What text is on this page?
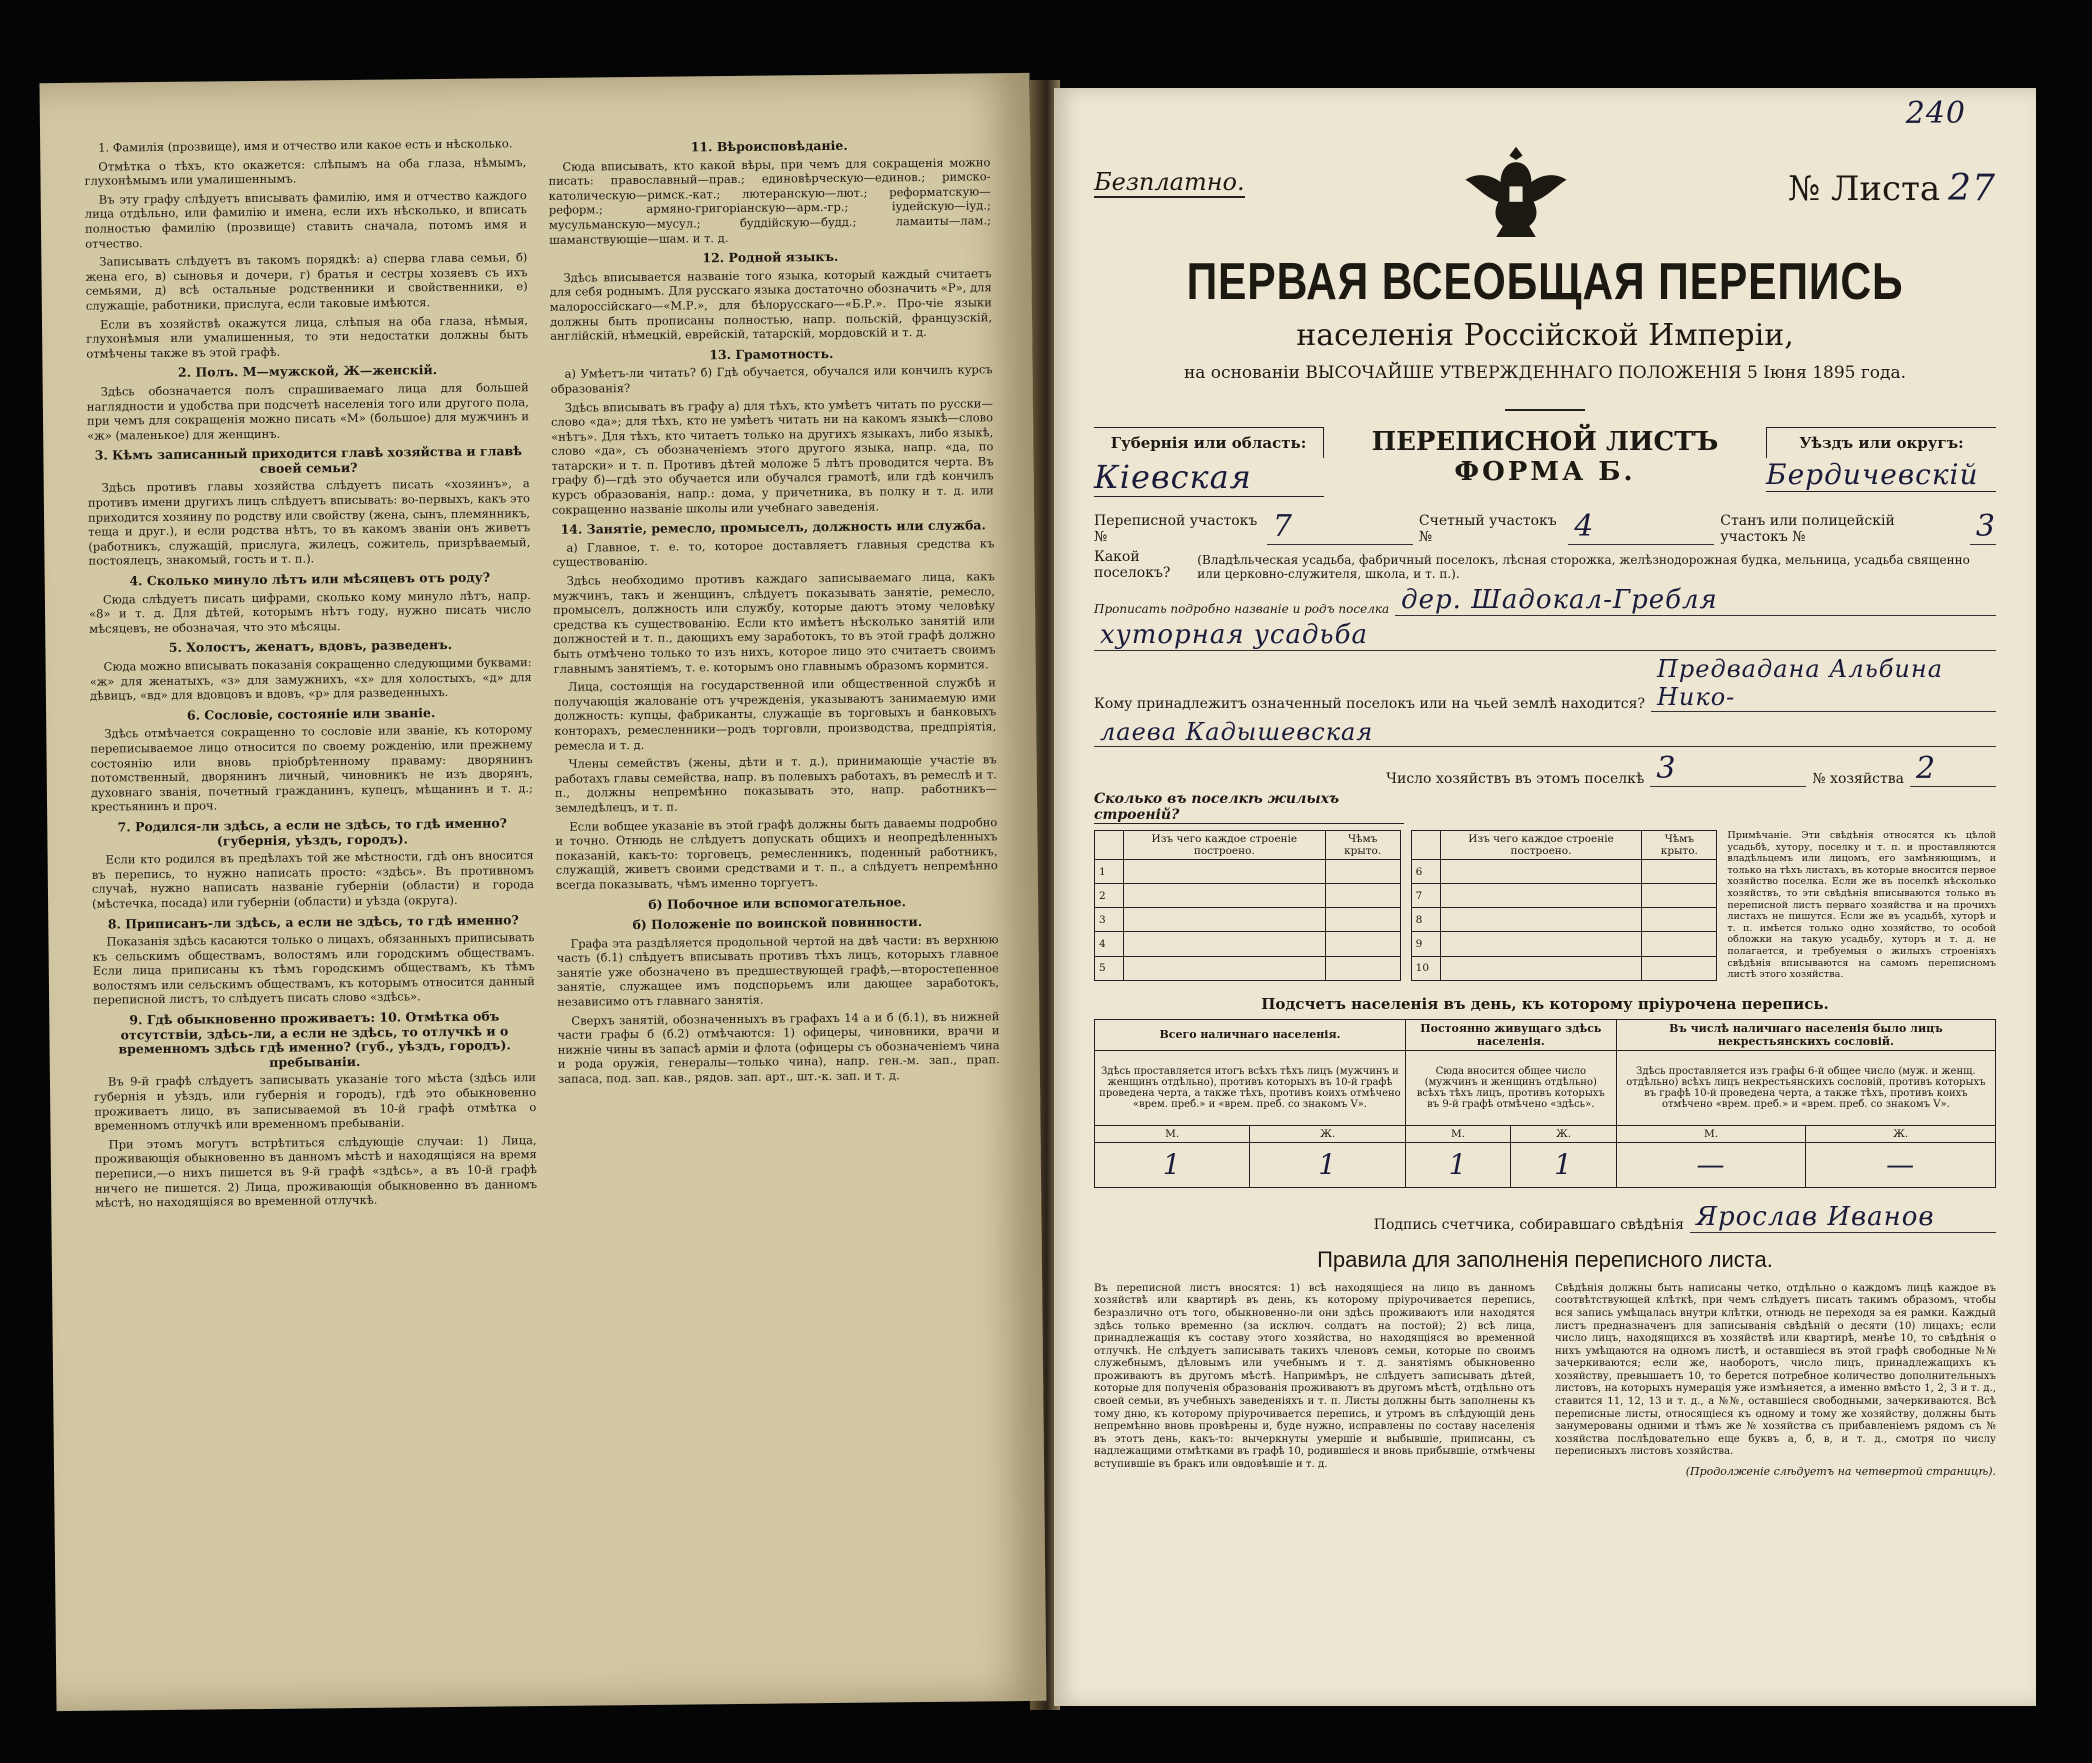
1. Фамилія (прозвище), имя и отчество или какое есть и нѣсколько.

Отмѣтка о тѣхъ, кто окажется: слѣпымъ на оба глаза, нѣмымъ, глухонѣмымъ или умалишеннымъ.

Въ эту графу слѣдуетъ вписывать фамилію, имя и отчество каждого лица отдѣльно, или фамилію и имена, если ихъ нѣсколько, и вписать полностью фамилію (прозвище) ставить сначала, потомъ имя и отчество.

Записывать слѣдуетъ въ такомъ порядкѣ: а) сперва глава семьи, б) жена его, в) сыновья и дочери, г) братья и сестры хозяевъ съ ихъ семьями, д) всѣ остальные родственники и свойственники, е) служащіе, работники, прислуга, если таковые имѣются.

Если въ хозяйствѣ окажутся лица, слѣпыя на оба глаза, нѣмыя, глухонѣмыя или умалишенныя, то эти недостатки должны быть отмѣчены также въ этой графѣ.

2. Полъ. М—мужской, Ж—женскій.

Здѣсь обозначается полъ спрашиваемаго лица для большей наглядности и удобства при подсчетѣ населенія того или другого пола, при чемъ для сокращенія можно писать «М» (большое) для мужчинъ и «ж» (маленькое) для женщинъ.

3. Кѣмъ записанный приходится главѣ хозяйства и главѣ своей семьи?

Здѣсь противъ главы хозяйства слѣдуетъ писать «хозяинъ», а противъ имени другихъ лицъ слѣдуетъ вписывать: во-первыхъ, какъ это приходится хозяину по родству или свойству (жена, сынъ, племянникъ, теща и друг.), и если родства нѣтъ, то въ какомъ званіи онъ живетъ (работникъ, служащій, прислуга, жилецъ, сожитель, призрѣваемый, постоялецъ, знакомый, гость и т. п.).

4. Сколько минуло лѣтъ или мѣсяцевъ отъ роду?

Сюда слѣдуетъ писать цифрами, сколько кому минуло лѣтъ, напр. «8» и т. д. Для дѣтей, которымъ нѣтъ году, нужно писать число мѣсяцевъ, не обозначая, что это мѣсяцы.

5. Холостъ, женатъ, вдовъ, разведенъ.

Сюда можно вписывать показанія сокращенно следующими буквами: «ж» для женатыхъ, «з» для замужнихъ, «х» для холостыхъ, «д» для дѣвицъ, «вд» для вдовцовъ и вдовъ, «р» для разведенныхъ.

6. Сословіе, состояніе или званіе.

Здѣсь отмѣчается сокращенно то сословіе или званіе, къ которому переписываемое лицо относится по своему рожденію, или прежнему состоянію или вновь пріобрѣтенному праваму: дворянинъ потомственный, дворянинъ личный, чиновникъ не изъ дворянъ, духовнаго званія, почетный гражданинъ, купецъ, мѣщанинъ и т. д.; крестьянинъ и проч.

7. Родился-ли здѣсь, а если не здѣсь, то гдѣ именно? (губернія, уѣздъ, городъ).

Если кто родился въ предѣлахъ той же мѣстности, гдѣ онъ вносится въ перепись, то нужно написать просто: «здѣсь». Въ противномъ случаѣ, нужно написать названіе губерніи (области) и города (мѣстечка, посада) или губерніи (области) и уѣзда (округа).

8. Приписанъ-ли здѣсь, а если не здѣсь, то гдѣ именно?

Показанія здѣсь касаются только о лицахъ, обязанныхъ приписывать къ сельскимъ обществамъ, волостямъ или городскимъ обществамъ. Если лица приписаны къ тѣмъ городскимъ обществамъ, къ тѣмъ волостямъ или сельскимъ обществамъ, къ которымъ относится данный переписной листъ, то слѣдуетъ писать слово «здѣсь».

9. Гдѣ обыкновенно проживаетъ: 10. Отмѣтка объ отсутствіи, здѣсь-ли, а если не здѣсь, то отлучкѣ и о временномъ здѣсь гдѣ именно? (губ., уѣздъ, городъ). пребываніи.

Въ 9-й графѣ слѣдуетъ записывать указаніе того мѣста (здѣсь или губернія и уѣздъ, или губернія и городъ), гдѣ это обыкновенно проживаетъ лицо, въ записываемой въ 10-й графѣ отмѣтка о временномъ отлучкѣ или временномъ пребываніи.

При этомъ могутъ встрѣтиться слѣдующіе случаи: 1) Лица, проживающія обыкновенно въ данномъ мѣстѣ и находящіяся на время переписи,—о нихъ пишется въ 9-й графѣ «здѣсь», а въ 10-й графѣ ничего не пишется. 2) Лица, проживающія обыкновенно въ данномъ мѣстѣ, но находящіяся во временной отлучкѣ.

11. Вѣроисповѣданіе.

Сюда вписывать, кто какой вѣры, при чемъ для сокращенія можно писать: православный—прав.; единовѣрческую—единов.; римско-католическую—римск.-кат.; лютеранскую—лют.; реформатскую—реформ.; армяно-григоріанскую—арм.-гр.; іудейскую—іуд.; мусульманскую—мусул.; буддійскую—будд.; ламаиты—лам.; шаманствующіе—шам. и т. д.

12. Родной языкъ.

Здѣсь вписывается названіе того языка, который каждый считаетъ для себя роднымъ. Для русскаго языка достаточно обозначить «Р», для малороссійскаго—«М.Р.», для бѣлорусскаго—«Б.Р.». Про-чіе языки должны быть прописаны полностью, напр. польскій, французскій, англійскій, нѣмецкій, еврейскій, татарскій, мордовскій и т. д.

13. Грамотность.

а) Умѣетъ-ли читать? б) Гдѣ обучается, обучался или кончилъ курсъ образованія?

Здѣсь вписывать въ графу а) для тѣхъ, кто умѣетъ читать по русски—слово «да»; для тѣхъ, кто не умѣетъ читать ни на какомъ языкѣ—слово «нѣтъ». Для тѣхъ, кто читаетъ только на другихъ языкахъ, либо языкѣ, слово «да», съ обозначеніемъ этого другого языка, напр. «да, по татарски» и т. п. Противъ дѣтей моложе 5 лѣтъ проводится черта. Въ графу б)—гдѣ это обучается или обучался грамотѣ, или гдѣ кончилъ курсъ образованія, напр.: дома, у причетника, въ полку и т. д. или сокращенно названіе школы или учебнаго заведенія.

14. Занятіе, ремесло, промыселъ, должность или служба.

а) Главное, т. е. то, которое доставляетъ главныя средства къ существованію.

Здѣсь необходимо противъ каждаго записываемаго лица, какъ мужчинъ, такъ и женщинъ, слѣдуетъ показывать занятіе, ремесло, промыселъ, должность или службу, которые даютъ этому человѣку средства къ существованію. Если кто имѣетъ нѣсколько занятій или должностей и т. п., дающихъ ему заработокъ, то въ этой графѣ должно быть отмѣчено только то изъ нихъ, которое лицо это считаетъ своимъ главнымъ занятіемъ, т. е. которымъ оно главнымъ образомъ кормится.

Лица, состоящія на государственной или общественной службѣ и получающія жалованіе отъ учрежденія, указываютъ занимаемую ими должность: купцы, фабриканты, служащіе въ торговыхъ и банковыхъ конторахъ, ремесленники—родъ торговли, производства, предпріятія, ремесла и т. д.

Члены семействъ (жены, дѣти и т. д.), принимающіе участіе въ работахъ главы семейства, напр. въ полевыхъ работахъ, въ ремеслѣ и т. п., должны непремѣнно показывать это, напр. работникъ—земледѣлецъ, и т. п.

Если вобщее указаніе въ этой графѣ должны быть даваемы подробно и точно. Отнюдь не слѣдуетъ допускать общихъ и неопредѣленныхъ показаній, какъ-то: торговецъ, ремесленникъ, поденный работникъ, служащій, живетъ своими средствами и т. п., а слѣдуетъ непремѣнно всегда показывать, чѣмъ именно торгуетъ.

б) Побочное или вспомогательное.
б) Положеніе по воинской повинности.

Графа эта раздѣляется продольной чертой на двѣ части: въ верхнюю часть (б.1) слѣдуетъ вписывать противъ тѣхъ лицъ, которыхъ главное занятіе уже обозначено въ предшествующей графѣ,—второстепенное занятіе, служащее имъ подспорьемъ или дающее заработокъ, независимо отъ главнаго занятія.

Сверхъ занятій, обозначенныхъ въ графахъ 14 а и б (б.1), въ нижней части графы б (б.2) отмѣчаются: 1) офицеры, чиновники, врачи и нижніе чины въ запасѣ арміи и флота (офицеры съ обозначеніемъ чина и рода оружія, генералы—только чина), напр. ген.-м. зап., прап. запаса, под. зап. кав., рядов. зап. арт., шт.-к. зап. и т. д.

240
Безплатно.	№ Листа 27
ПЕРВАЯ ВСЕОБЩАЯ ПЕРЕПИСЬ
населенія Россійской Имперіи,
на основаніи ВЫСОЧАЙШЕ УТВЕРЖДЕННАГО ПОЛОЖЕНІЯ 5 Іюня 1895 года.
Губернія или область:
Кіевская
ПЕРЕПИСНОЙ ЛИСТЪ
ФОРМА Б.
Уѣздъ или округъ:
Бердичевскій
Переписной участокъ №	7	Счетный участокъ №	4	Станъ или полицейскій участокъ №	3
Какой поселокъ?
(Владѣльческая усадьба, фабричный поселокъ, лѣсная сторожка, желѣзнодорожная будка, мельница, усадьба священно или церковно-служителя, школа, и т. п.).
Прописать подробно названіе и родъ поселка дер. Шадокал-Гребля
хуторная усадьба
Кому принадлежитъ означенный поселокъ или на чьей землѣ находится?
Предвадана Альбина Нико-
лаева Кадышевская
Число хозяйствъ въ этомъ поселкѣ 3	№ хозяйства 2
Сколько въ поселкѣ жилыхъ строеній?
	Изъ чего каждое строеніе построено.	Чѣмъ крыто.
1		
2		
3		
4		
5		
	Изъ чего каждое строеніе построено.	Чѣмъ крыто.
6		
7		
8		
9		
10		
Примѣчаніе. Эти свѣдѣнія относятся къ цѣлой усадьбѣ, хутору, поселку и т. п. и проставляются владѣльцемъ или лицомъ, его замѣняющимъ, и только на тѣхъ листахъ, въ которые вносится первое хозяйство поселка. Если же въ поселкѣ нѣсколько хозяйствъ, то эти свѣдѣнія вписываются только въ переписной листъ перваго хозяйства и на прочихъ листахъ не пишутся. Если же въ усадьбѣ, хуторѣ и т. п. имѣется только одно хозяйство, то особой обложки на такую усадьбу, хуторъ и т. д. не полагается, и требуемыя о жилыхъ строеніяхъ свѣдѣнія вписываются на самомъ переписномъ листѣ этого хозяйства.
Подсчетъ населенія въ день, къ которому пріурочена перепись.
Всего наличнаго населенія.		Постоянно живущаго здѣсь населенія.		Въ числѣ наличнаго населенія было лицъ некрестьянскихъ сословій.	
Здѣсь проставляется итогъ всѣхъ тѣхъ лицъ (мужчинъ и женщинъ отдѣльно), противъ которыхъ въ 10-й графѣ проведена черта, а также тѣхъ, противъ коихъ отмѣчено «врем. преб.» и «врем. преб. со знакомъ V».		Сюда вносится общее число (мужчинъ и женщинъ отдѣльно) всѣхъ тѣхъ лицъ, противъ которыхъ въ 9-й графѣ отмѣчено «здѣсь».		Здѣсь проставляется изъ графы 6-й общее число (муж. и женщ. отдѣльно) всѣхъ лицъ некрестьянскихъ сословій, противъ которыхъ въ графѣ 10-й проведена черта, а также тѣхъ, противъ коихъ отмѣчено «врем. преб.» и «врем. преб. со знакомъ V».	
М.	Ж.	М.	Ж.	М.	Ж.
1	1	1	1	—	—
Подпись счетчика, собиравшаго свѣдѣнія Ярослав Иванов
Правила для заполненія переписного листа.
Въ переписной листъ вносятся: 1) всѣ находящіеся на лицо въ данномъ хозяйствѣ или квартирѣ въ день, къ которому пріурочивается перепись, безразлично отъ того, обыкновенно-ли они здѣсь проживаютъ или находятся здѣсь только временно (за исключ. солдатъ на постой); 2) всѣ лица, принадлежащія къ составу этого хозяйства, но находящіяся во временной отлучкѣ. Не слѣдуетъ записывать такихъ членовъ семьи, которые по своимъ служебнымъ, дѣловымъ или учебнымъ и т. д. занятіямъ обыкновенно проживаютъ въ другомъ мѣстѣ. Напримѣръ, не слѣдуетъ записывать дѣтей, которые для полученія образованія проживаютъ въ другомъ мѣстѣ, отдѣльно отъ своей семьи, въ учебныхъ заведеніяхъ и т. п. Листы должны быть заполнены къ тому дню, къ которому пріурочивается перепись, и утромъ въ слѣдующій день непремѣнно вновь провѣрены и, буде нужно, исправлены по составу населенія въ этотъ день, какъ-то: вычеркнуты умершіе и выбывшіе, приписаны, съ надлежащими отмѣтками въ графѣ 10, родившіеся и вновь прибывшіе, отмѣчены вступившіе въ бракъ или овдовѣвшіе и т. д.
Свѣдѣнія должны быть написаны четко, отдѣльно о каждомъ лицѣ каждое въ соотвѣтствующей клѣткѣ, при чемъ слѣдуетъ писать такимъ образомъ, чтобы вся запись умѣщалась внутри клѣтки, отнюдь не переходя за ея рамки. Каждый листъ предназначенъ для записыванія свѣдѣній о десяти (10) лицахъ; если число лицъ, находящихся въ хозяйствѣ или квартирѣ, менѣе 10, то свѣдѣнія о нихъ умѣщаются на одномъ листѣ, и оставшіеся въ этой графѣ свободные №№ зачеркиваются; если же, наоборотъ, число лицъ, принадлежащихъ къ хозяйству, превышаетъ 10, то берется потребное количество дополнительныхъ листовъ, на которыхъ нумерація уже измѣняется, а именно вмѣсто 1, 2, 3 и т. д., ставится 11, 12, 13 и т. д., а №№, оставшіеся свободными, зачеркиваются. Всѣ переписные листы, относящіеся къ одному и тому же хозяйству, должны быть занумерованы одними и тѣмъ же № хозяйства съ прибавленіемъ рядомъ съ № хозяйства послѣдовательно еще буквъ а, б, в, и т. д., смотря по числу переписныхъ листовъ хозяйства.
(Продолженіе слѣдуетъ на четвертой страницѣ).
